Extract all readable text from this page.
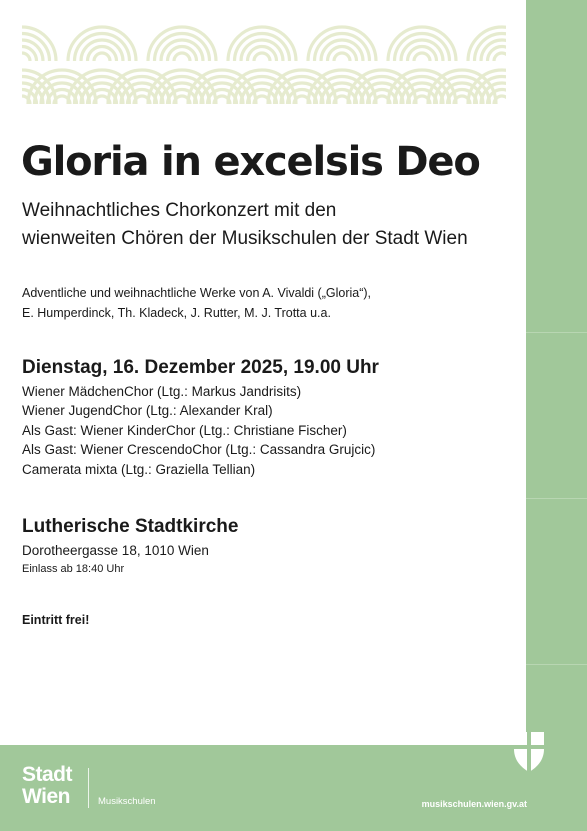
Gloria in excelsis Deo
Weihnachtliches Chorkonzert mit den
wienweiten Chören der Musikschulen der Stadt Wien
Adventliche und weihnachtliche Werke von A. Vivaldi („Gloria“),
E. Humperdinck, Th. Kladeck, J. Rutter, M. J. Trotta u.a.
Dienstag, 16. Dezember 2025, 19.00 Uhr
Wiener MädchenChor (Ltg.: Markus Jandrisits)
Wiener JugendChor (Ltg.: Alexander Kral)
Als Gast: Wiener KinderChor (Ltg.: Christiane Fischer)
Als Gast: Wiener CrescendoChor (Ltg.: Cassandra Grujcic)
Camerata mixta (Ltg.: Graziella Tellian)
Lutherische Stadtkirche
Dorotheergasse 18, 1010 Wien
Einlass ab 18:40 Uhr
Eintritt frei!
Stadt
Wien	Musikschulen	musikschulen.wien.gv.at
